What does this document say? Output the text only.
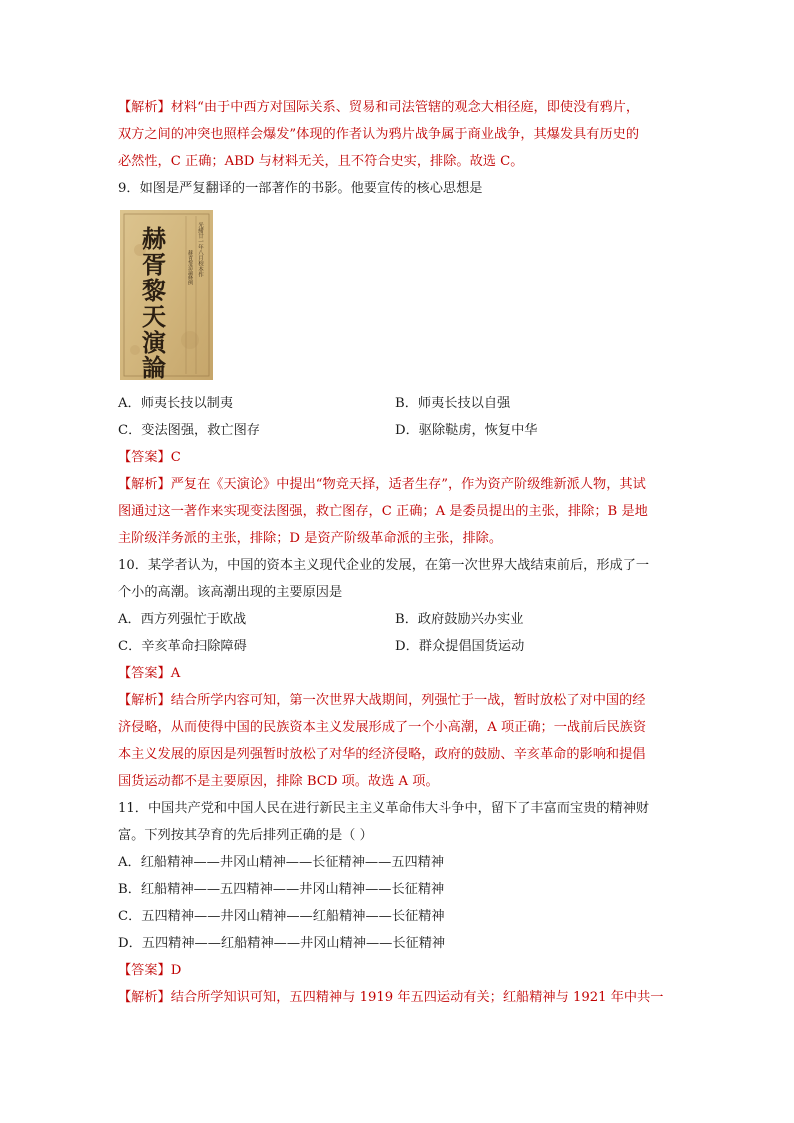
【解析】材料“由于中西方对国际关系、贸易和司法管辖的观念大相径庭，即使没有鸦片，
双方之间的冲突也照样会爆发”体现的作者认为鸦片战争属于商业战争，其爆发具有历史的
必然性，C 正确；ABD 与材料无关，且不符合史实，排除。故选 C。
9．如图是严复翻译的一部著作的书影。他要宣传的核心思想是
赫
胥
黎
天
演
論
光緒廿一年八月校本作
赫胥黎造論條例
A．师夷长技以制夷	B．师夷长技以自强
C．变法图强，救亡图存	D．驱除鞑虏，恢复中华
【答案】C
【解析】严复在《天演论》中提出“物竞天择，适者生存”，作为资产阶级维新派人物，其试
图通过这一著作来实现变法图强，救亡图存，C 正确；A 是委员提出的主张，排除；B 是地
主阶级洋务派的主张，排除；D 是资产阶级革命派的主张，排除。
10．某学者认为，中国的资本主义现代企业的发展，在第一次世界大战结束前后，形成了一
个小的高潮。该高潮出现的主要原因是
A．西方列强忙于欧战	B．政府鼓励兴办实业
C．辛亥革命扫除障碍	D．群众提倡国货运动
【答案】A
【解析】结合所学内容可知，第一次世界大战期间，列强忙于一战，暂时放松了对中国的经
济侵略，从而使得中国的民族资本主义发展形成了一个小高潮，A 项正确；一战前后民族资
本主义发展的原因是列强暂时放松了对华的经济侵略，政府的鼓励、辛亥革命的影响和提倡
国货运动都不是主要原因，排除 BCD 项。故选 A 项。
11．中国共产党和中国人民在进行新民主主义革命伟大斗争中，留下了丰富而宝贵的精神财
富。下列按其孕育的先后排列正确的是（ ）
A．红船精神——井冈山精神——长征精神——五四精神
B．红船精神——五四精神——井冈山精神——长征精神
C．五四精神——井冈山精神——红船精神——长征精神
D．五四精神——红船精神——井冈山精神——长征精神
【答案】D
【解析】结合所学知识可知，五四精神与 1919 年五四运动有关；红船精神与 1921 年中共一
